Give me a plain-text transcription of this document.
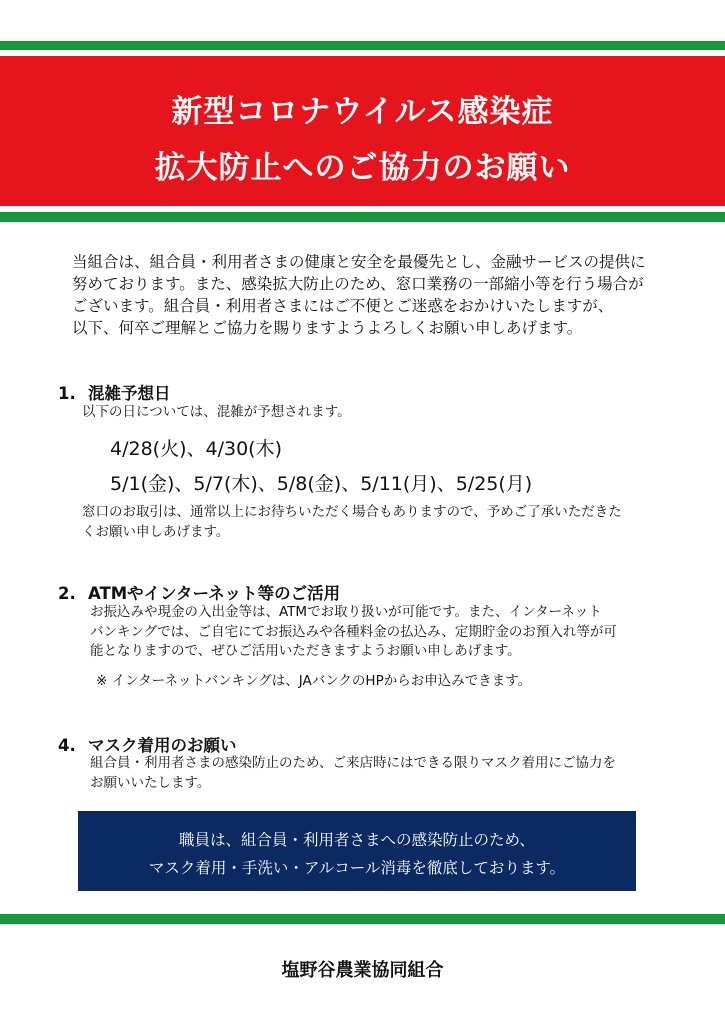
新型コロナウイルス感染症
拡大防止へのご協力のお願い
当組合は、組合員・利用者さまの健康と安全を最優先とし、金融サービスの提供に
努めております。また、感染拡大防止のため、窓口業務の一部縮小等を行う場合が
ございます。組合員・利用者さまにはご不便とご迷惑をおかけいたしますが、
以下、何卒ご理解とご協力を賜りますようよろしくお願い申しあげます。
1. 混雑予想日
以下の日については、混雑が予想されます。
4/28(火)、4/30(木)
5/1(金)、5/7(木)、5/8(金)、5/11(月)、5/25(月)
窓口のお取引は、通常以上にお待ちいただく場合もありますので、予めご了承いただきた
くお願い申しあげます。
2. ATMやインターネット等のご活用
お振込みや現金の入出金等は、ATMでお取り扱いが可能です。また、インターネット
バンキングでは、ご自宅にてお振込みや各種料金の払込み、定期貯金のお預入れ等が可
能となりますので、ぜひご活用いただきますようお願い申しあげます。
※ インターネットバンキングは、JAバンクのHPからお申込みできます。
4. マスク着用のお願い
組合員・利用者さまの感染防止のため、ご来店時にはできる限りマスク着用にご協力を
お願いいたします。
職員は、組合員・利用者さまへの感染防止のため、
マスク着用・手洗い・アルコール消毒を徹底しております。
塩野谷農業協同組合
